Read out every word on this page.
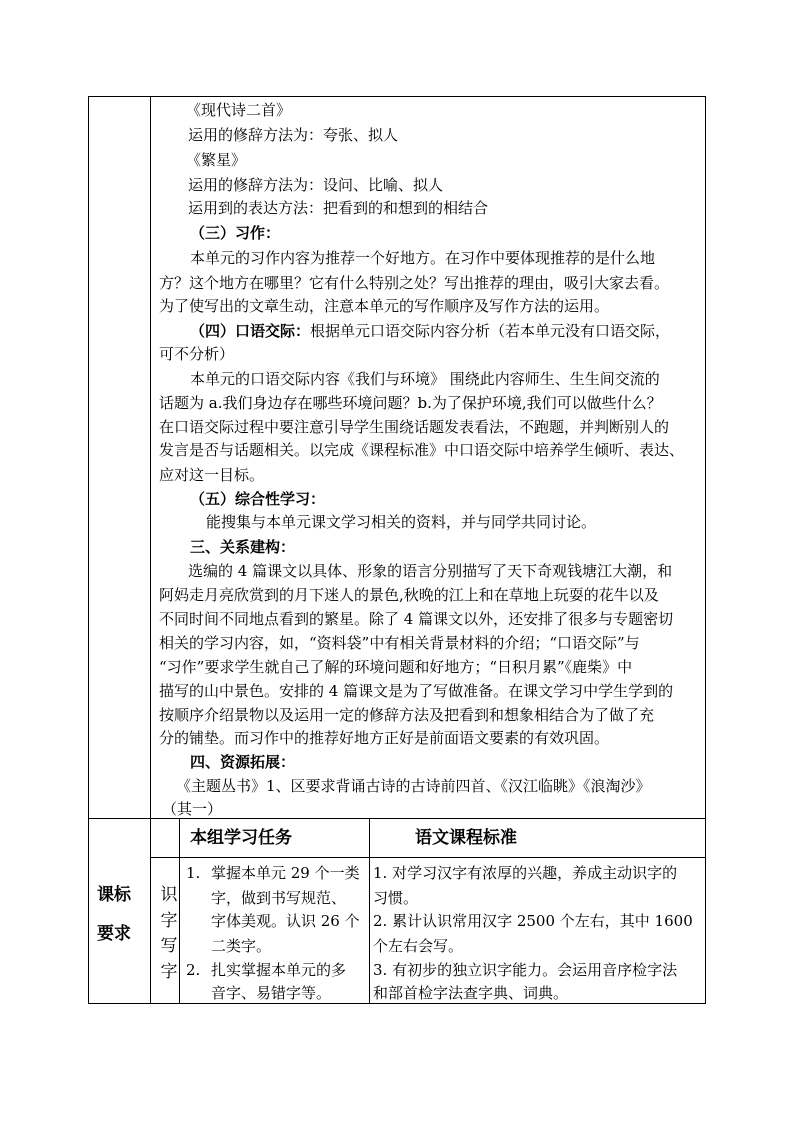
《现代诗二首》
运用的修辞方法为：夸张、拟人
《繁星》
运用的修辞方法为：设问、比喻、拟人
运用到的表达方法：把看到的和想到的相结合
（三）习作：
本单元的习作内容为推荐一个好地方。在习作中要体现推荐的是什么地
方？这个地方在哪里？它有什么特别之处？写出推荐的理由，吸引大家去看。
为了使写出的文章生动，注意本单元的写作顺序及写作方法的运用。
（四）口语交际：根据单元口语交际内容分析（若本单元没有口语交际，
可不分析）
本单元的口语交际内容《我们与环境》 围绕此内容师生、生生间交流的
话题为 a.我们身边存在哪些环境问题？b.为了保护环境,我们可以做些什么？
在口语交际过程中要注意引导学生围绕话题发表看法，不跑题，并判断别人的
发言是否与话题相关。以完成《课程标准》中口语交际中培养学生倾听、表达、
应对这一目标。
（五）综合性学习：
能搜集与本单元课文学习相关的资料，并与同学共同讨论。
三、关系建构：
选编的 4 篇课文以具体、形象的语言分别描写了天下奇观钱塘江大潮，和
阿妈走月亮欣赏到的月下迷人的景色,秋晚的江上和在草地上玩耍的花牛以及
不同时间不同地点看到的繁星。除了 4 篇课文以外，还安排了很多与专题密切
相关的学习内容，如，“资料袋”中有相关背景材料的介绍；“口语交际”与
“习作”要求学生就自己了解的环境问题和好地方；“日积月累”《鹿柴》中
描写的山中景色。安排的 4 篇课文是为了写做准备。在课文学习中学生学到的
按顺序介绍景物以及运用一定的修辞方法及把看到和想象相结合为了做了充
分的铺垫。而习作中的推荐好地方正好是前面语文要素的有效巩固。
四、资源拓展：
《主题丛书》1、区要求背诵古诗的古诗前四首、《汉江临眺》《浪淘沙》
（其一）
课标
要求
本组学习任务	语文课程标准
识
字
写
字
1. 掌握本单元 29 个一类
字，做到书写规范、
字体美观。认识 26 个
二类字。
2. 扎实掌握本单元的多
音字、易错字等。
1. 对学习汉字有浓厚的兴趣，养成主动识字的
习惯。
2. 累计认识常用汉字 2500 个左右，其中 1600
个左右会写。
3. 有初步的独立识字能力。会运用音序检字法
和部首检字法查字典、词典。
